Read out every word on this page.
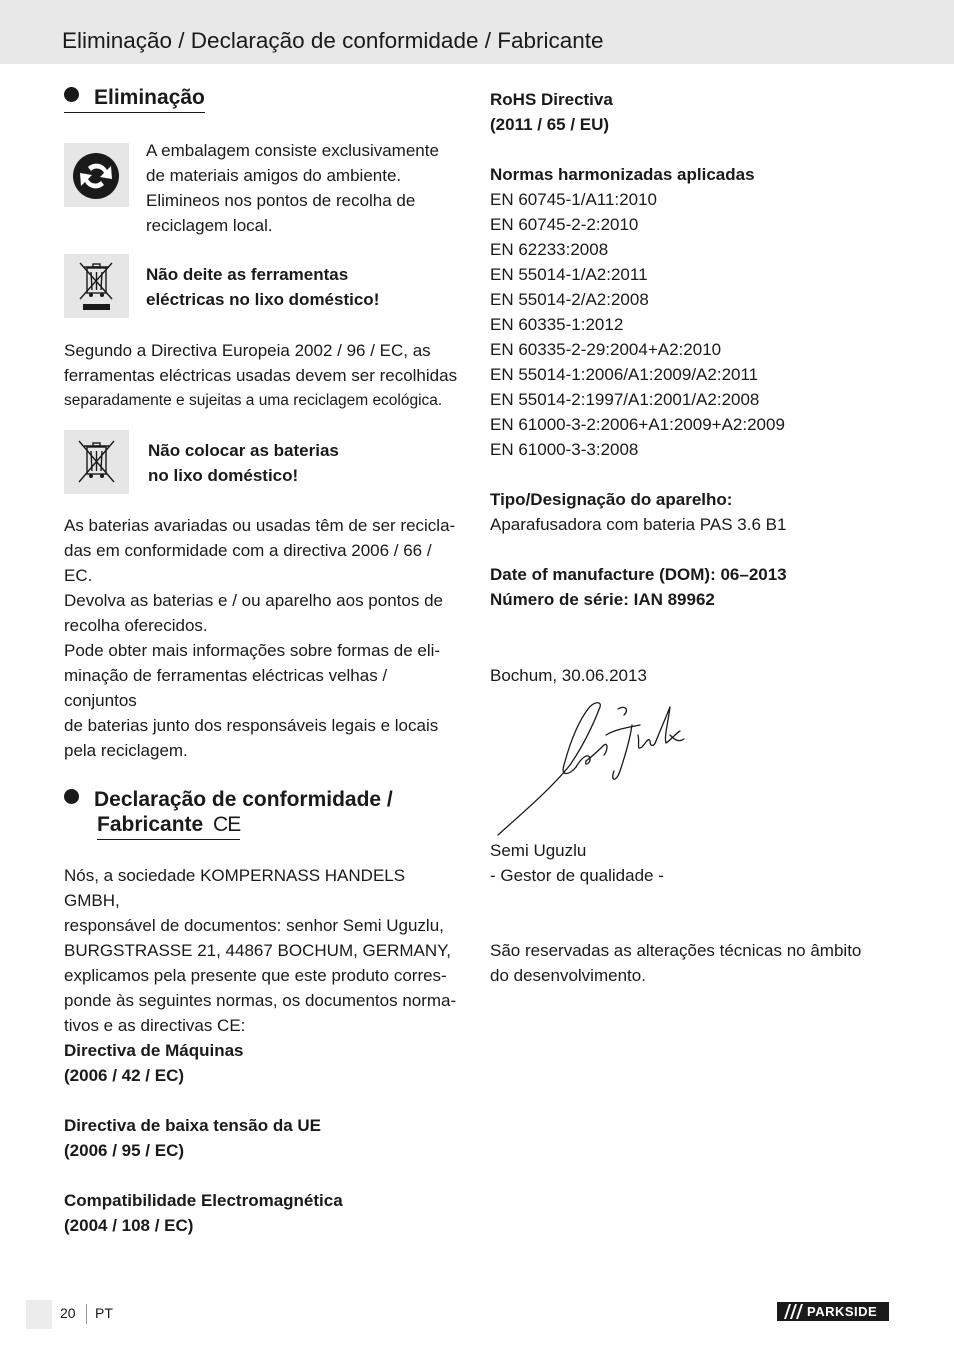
Eliminação / Declaração de conformidade / Fabricante
Eliminação
A embalagem consiste exclusivamente
de materiais amigos do ambiente.
Elimineos nos pontos de recolha de
reciclagem local.
Não deite as ferramentas
eléctricas no lixo doméstico!
Segundo a Directiva Europeia 2002 / 96 / EC, as
ferramentas eléctricas usadas devem ser recolhidas
separadamente e sujeitas a uma reciclagem ecológica.
Não colocar as baterias
no lixo doméstico!
As baterias avariadas ou usadas têm de ser recicla-
das em conformidade com a directiva 2006 / 66 / EC.
Devolva as baterias e / ou aparelho aos pontos de
recolha oferecidos.
Pode obter mais informações sobre formas de eli-
minação de ferramentas eléctricas velhas / conjuntos
de baterias junto dos responsáveis legais e locais
pela reciclagem.
Declaração de conformidade /
Fabricante CE
Nós, a sociedade KOMPERNASS HANDELS GMBH,
responsável de documentos: senhor Semi Uguzlu,
BURGSTRASSE 21, 44867 BOCHUM, GERMANY,
explicamos pela presente que este produto corres-
ponde às seguintes normas, os documentos norma-
tivos e as directivas CE:
Directiva de Máquinas
(2006 / 42 / EC)
Directiva de baixa tensão da UE
(2006 / 95 / EC)
Compatibilidade Electromagnética
(2004 / 108 / EC)
RoHS Directiva
(2011 / 65 / EU)
Normas harmonizadas aplicadas
EN 60745-1/A11:2010
EN 60745-2-2:2010
EN 62233:2008
EN 55014-1/A2:2011
EN 55014-2/A2:2008
EN 60335-1:2012
EN 60335-2-29:2004+A2:2010
EN 55014-1:2006/A1:2009/A2:2011
EN 55014-2:1997/A1:2001/A2:2008
EN 61000-3-2:2006+A1:2009+A2:2009
EN 61000-3-3:2008
Tipo/Designação do aparelho:
Aparafusadora com bateria PAS 3.6 B1
Date of manufacture (DOM): 06–2013
Número de série: IAN 89962
Bochum, 30.06.2013
Semi Uguzlu
- Gestor de qualidade -
São reservadas as alterações técnicas no âmbito
do desenvolvimento.
20 PT	PARKSIDE
